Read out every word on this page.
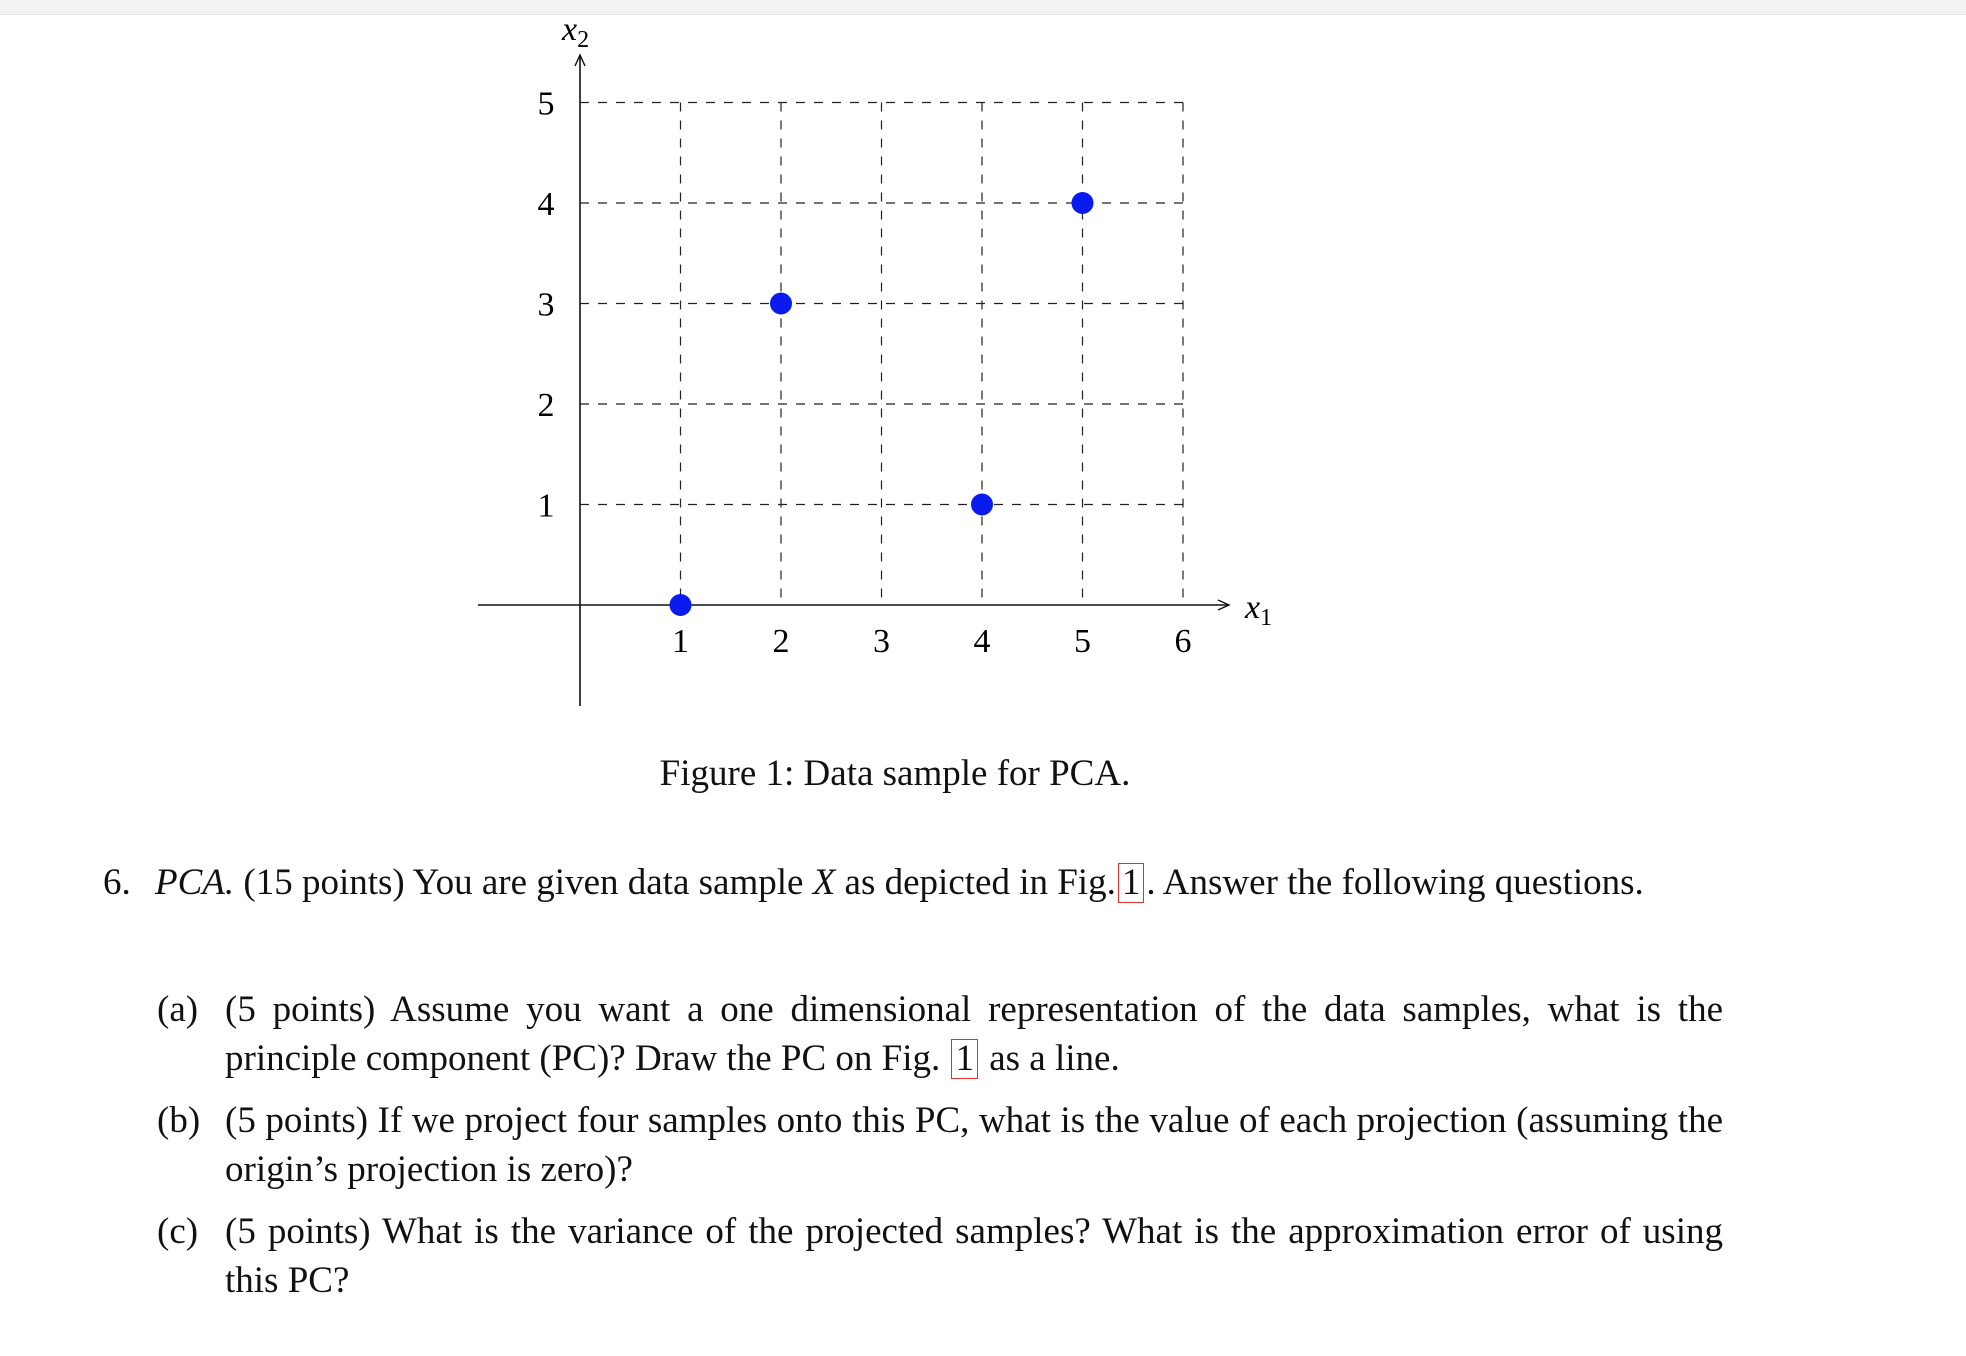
$x_1$
$x_2$
1 2 3 4 5 6
1
2
3
4
5
Figure 1: Data sample for PCA.
6. PCA. (15 points) You are given data sample X as depicted in Fig. 1 . Answer the following questions.
(a) (5 points) Assume you want a one dimensional representation of the data samples, what is the principle component (PC)? Draw the PC on Fig. 1 as a line.
(b) (5 points) If we project four samples onto this PC, what is the value of each projection (assuming the origin’s projection is zero)?
(c) (5 points) What is the variance of the projected samples? What is the approximation error of using this PC?
